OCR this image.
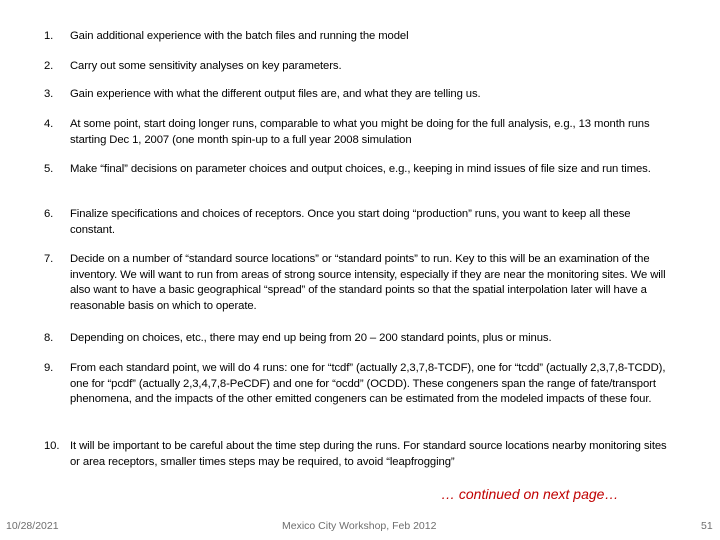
1. Gain additional experience with the batch files and running the model
2. Carry out some sensitivity analyses on key parameters.
3. Gain experience with what the different output files are, and what they are telling us.
4. At some point, start doing longer runs, comparable to what you might be doing for the full analysis, e.g., 13 month runs starting Dec 1, 2007 (one month spin-up to a full year 2008 simulation
5. Make “final” decisions on parameter choices and output choices, e.g., keeping in mind issues of file size and run times.
6. Finalize specifications and choices of receptors. Once you start doing “production” runs, you want to keep all these constant.
7. Decide on a number of “standard source locations” or “standard points” to run. Key to this will be an examination of the inventory. We will want to run from areas of strong source intensity, especially if they are near the monitoring sites. We will also want to have a basic geographical “spread” of the standard points so that the spatial interpolation later will have a reasonable basis on which to operate.
8. Depending on choices, etc., there may end up being from 20 – 200 standard points, plus or minus.
9. From each standard point, we will do 4 runs: one for “tcdf” (actually 2,3,7,8-TCDF), one for “tcdd” (actually 2,3,7,8-TCDD), one for “pcdf” (actually 2,3,4,7,8-PeCDF) and one for “ocdd” (OCDD). These congeners span the range of fate/transport phenomena, and the impacts of the other emitted congeners can be estimated from the modeled impacts of these four.
10. It will be important to be careful about the time step during the runs. For standard source locations nearby monitoring sites or area receptors, smaller times steps may be required, to avoid “leapfrogging”
… continued on next page…
10/28/2021	Mexico City Workshop, Feb 2012	51
